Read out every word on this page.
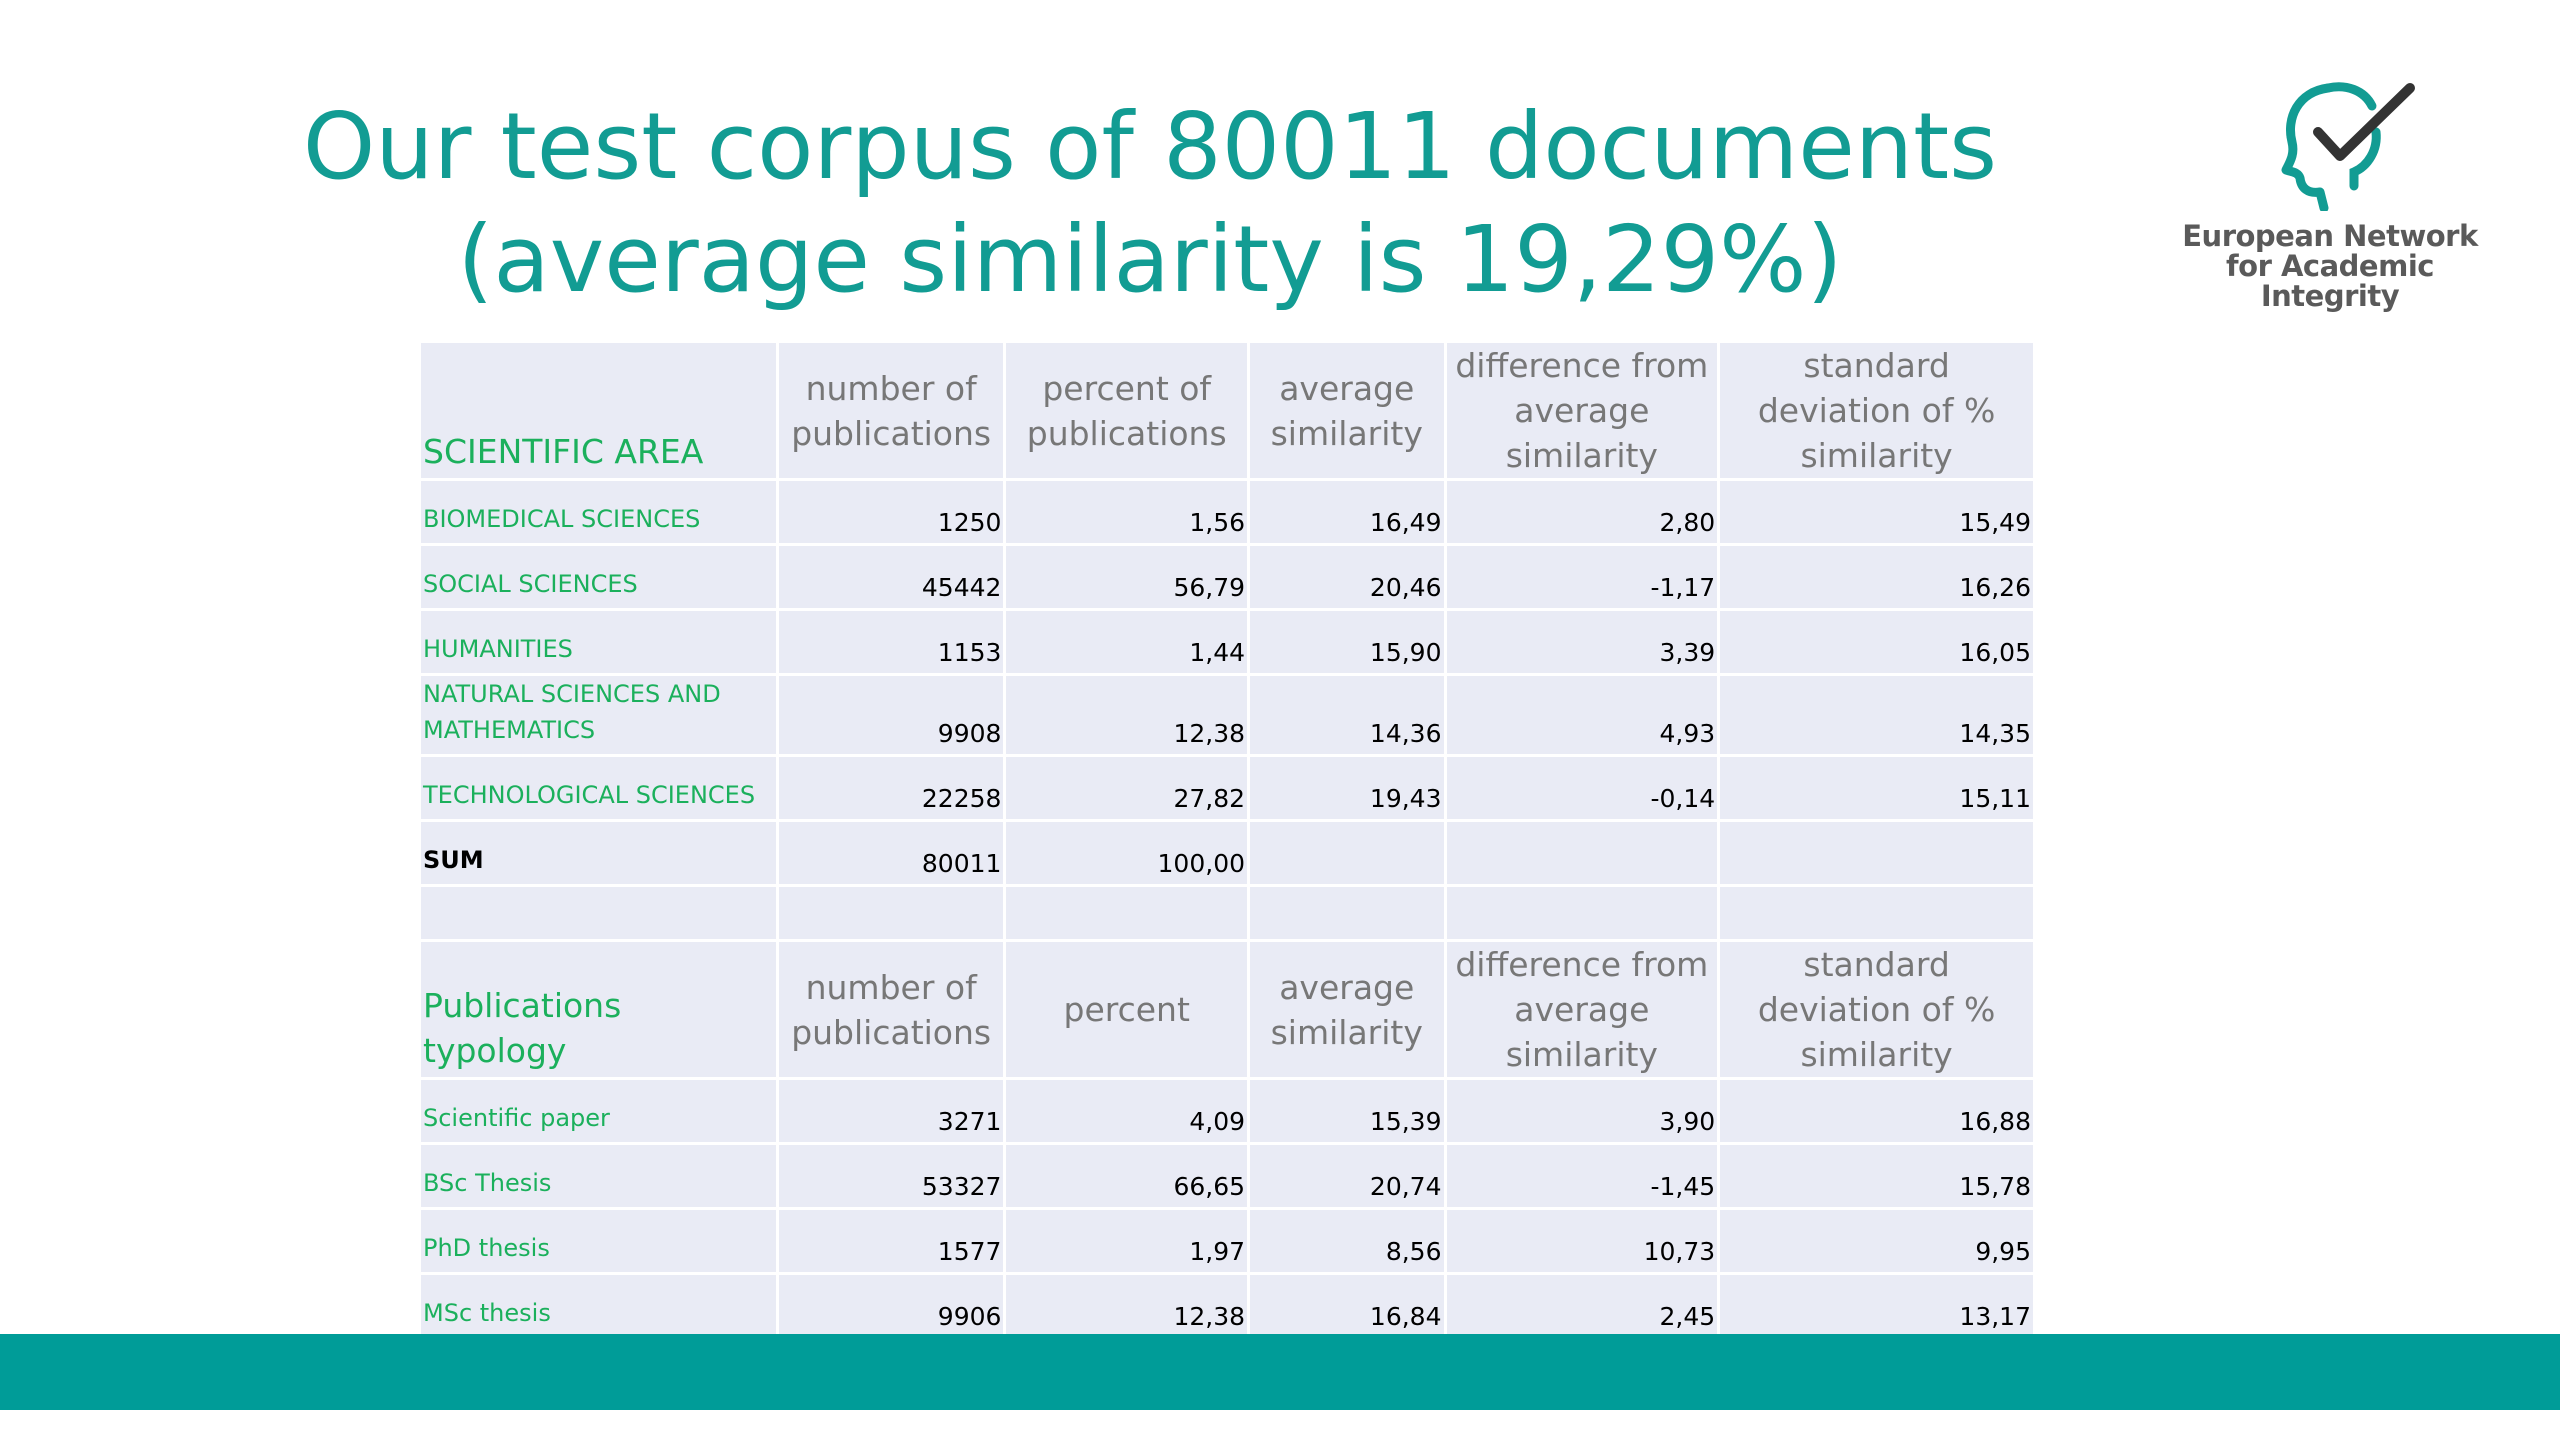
Our test corpus of 80011 documents
(average similarity is 19,29%)	European Network
for Academic
Integrity
SCIENTIFIC AREA	number of publications	percent of publications	average similarity	difference from average similarity	standard deviation of % similarity
BIOMEDICAL SCIENCES	1250	1,56	16,49	2,80	15,49
SOCIAL SCIENCES	45442	56,79	20,46	-1,17	16,26
HUMANITIES	1153	1,44	15,90	3,39	16,05
NATURAL SCIENCES AND MATHEMATICS	9908	12,38	14,36	4,93	14,35
TECHNOLOGICAL SCIENCES	22258	27,82	19,43	-0,14	15,11
SUM	80011	100,00			

Publications typology	number of publications	percent	average similarity	difference from average similarity	standard deviation of % similarity
Scientific paper	3271	4,09	15,39	3,90	16,88
BSc Thesis	53327	66,65	20,74	-1,45	15,78
PhD thesis	1577	1,97	8,56	10,73	9,95
MSc thesis	9906	12,38	16,84	2,45	13,17
